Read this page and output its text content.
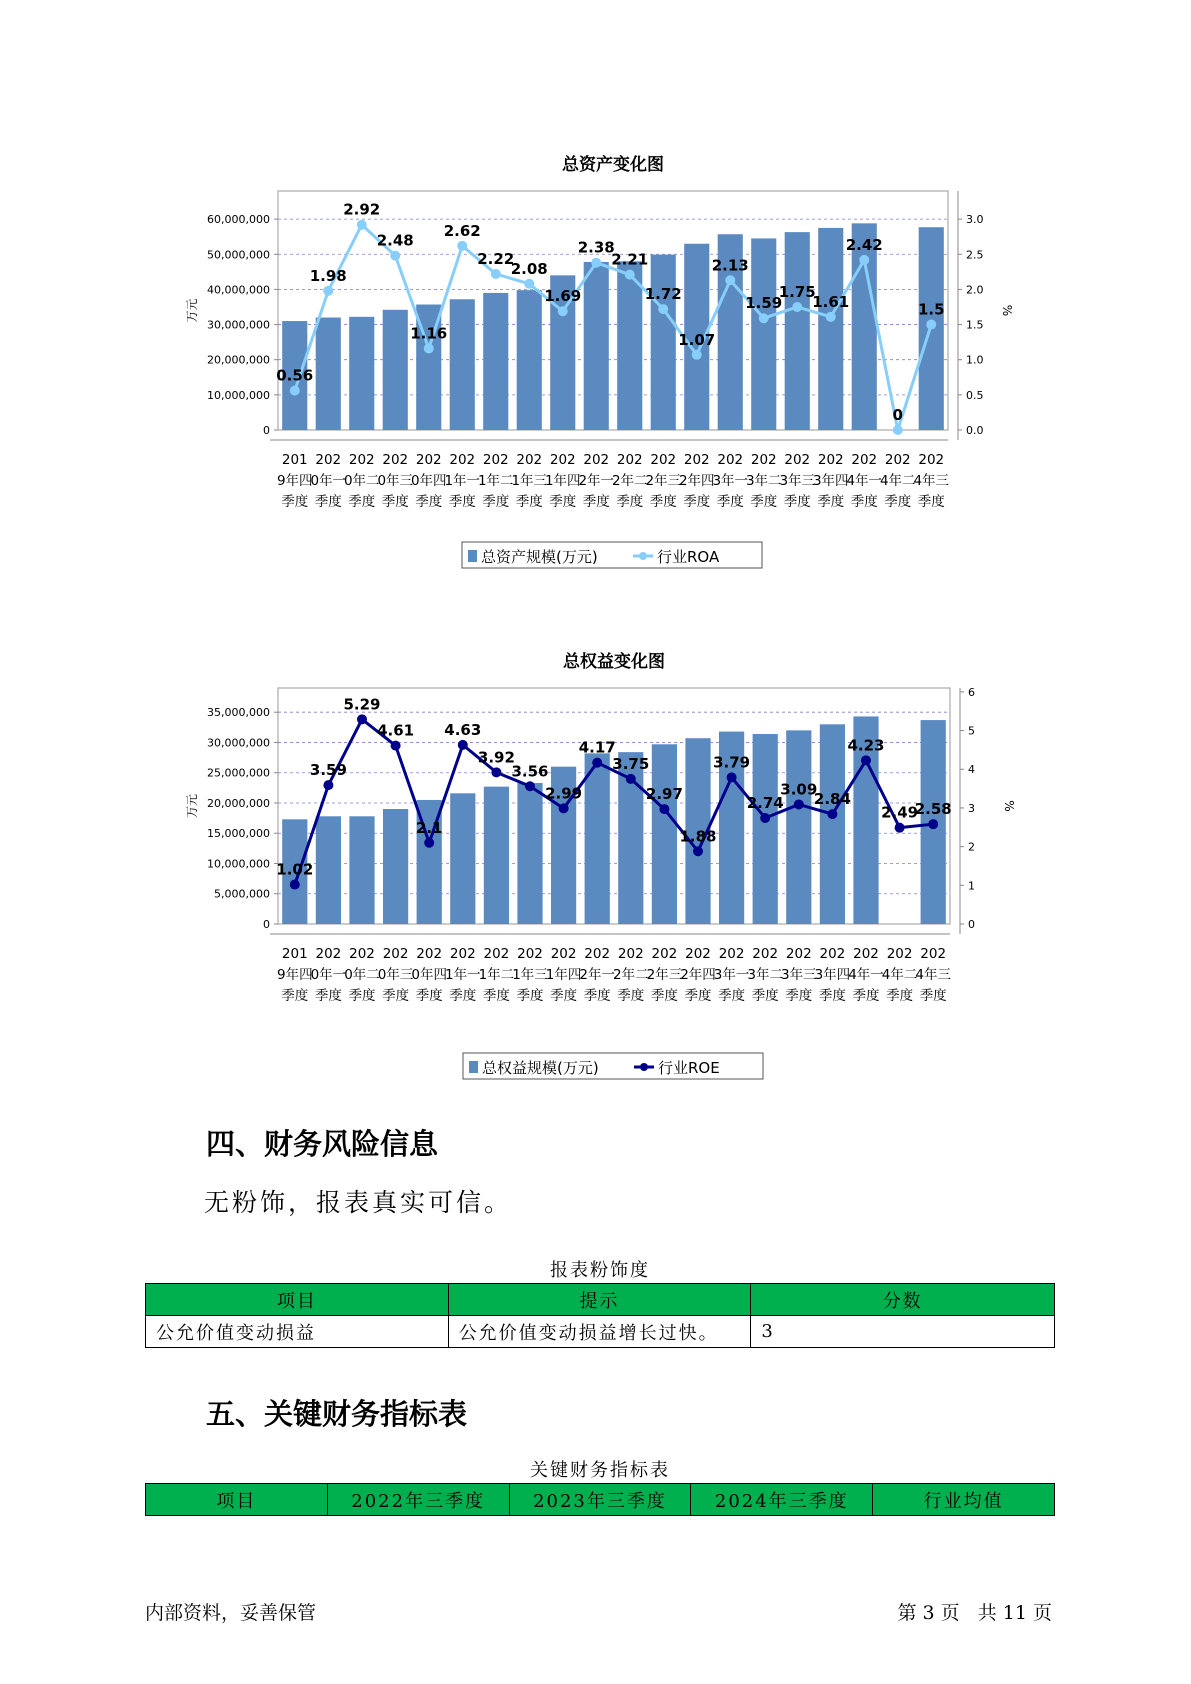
总资产变化图
0
10,000,000
20,000,000
30,000,000
40,000,000
50,000,000
60,000,000
0.0
0.5
1.0
1.5
2.0
2.5
3.0
万元	%
0.56
1.98
2.92
2.48
1.16
2.62
2.22
2.08
1.69
2.38
2.21
1.72
1.07
2.13
1.59
1.75
1.61
2.42
0
1.5
201 9年四季度
202 0年一季度
202 0年二季度
202 0年三季度
202 0年四季度
202 1年一季度
202 1年二季度
202 1年三季度
202 1年四季度
202 2年一季度
202 2年二季度
202 2年三季度
202 2年四季度
202 3年一季度
202 3年二季度
202 3年三季度
202 3年四季度
202 4年一季度
202 4年二季度
202 4年三季度
总资产规模(万元)	行业ROA
总权益变化图
0
5,000,000
10,000,000
15,000,000
20,000,000
25,000,000
30,000,000
35,000,000
0
1
2
3
4
5
6
万元	%
1.02
3.59
5.29
4.61
2.1
4.63
3.92
3.56
2.99
4.17
3.75
2.97
1.88
3.79
2.74
3.09
2.84
4.23
2.49
2.58
201 9年四季度
202 0年一季度
202 0年二季度
202 0年三季度
202 0年四季度
202 1年一季度
202 1年二季度
202 1年三季度
202 1年四季度
202 2年一季度
202 2年二季度
202 2年三季度
202 2年四季度
202 3年一季度
202 3年二季度
202 3年三季度
202 3年四季度
202 4年一季度
202 4年二季度
202 4年三季度
总权益规模(万元)	行业ROE
四、财务风险信息

无粉饰，报表真实可信。

报表粉饰度
项目	提示	分数
公允价值变动损益	公允价值变动损益增长过快。	3
五、关键财务指标表
关键财务指标表
项目	2022年三季度	2023年三季度	2024年三季度	行业均值
内部资料，妥善保管	第 3 页   共 11 页
